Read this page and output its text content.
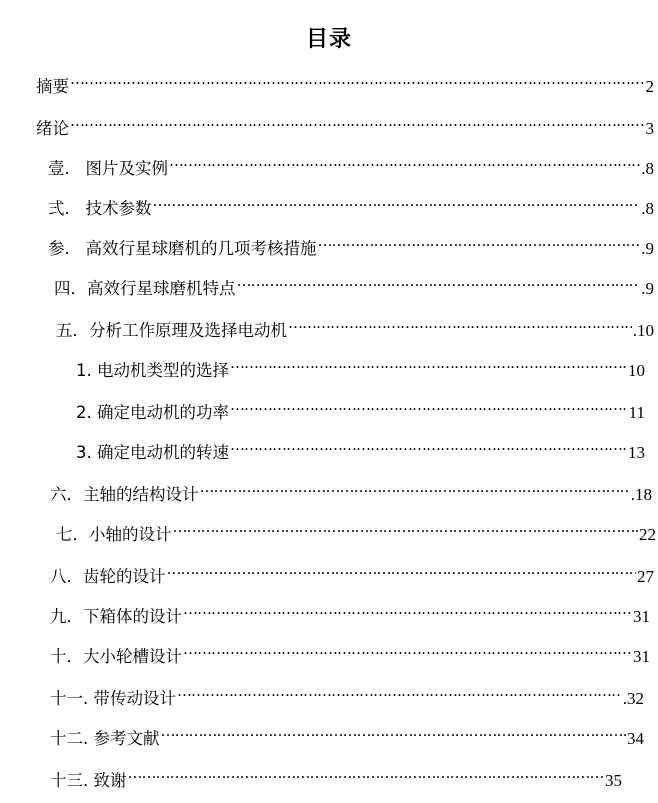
目录
摘要 …………………………………………………………………………………………………………………………………………………………………………………………………………	2
绪论 …………………………………………………………………………………………………………………………………………………………………………………………………………	3
壹.   图片及实例 …………………………………………………………………………………………………………………………………………………………………………………………………………	.8
弍.   技术参数 …………………………………………………………………………………………………………………………………………………………………………………………………………	.8
参.   高效行星球磨机的几项考核措施 …………………………………………………………………………………………………………………………………………………………………………………………………………	.9
四．高效行星球磨机特点 …………………………………………………………………………………………………………………………………………………………………………………………………………	.9
五．分析工作原理及选择电动机 …………………………………………………………………………………………………………………………………………………………………………………………………………	.10
1. 电动机类型的选择 …………………………………………………………………………………………………………………………………………………………………………………………………………	10
2. 确定电动机的功率 …………………………………………………………………………………………………………………………………………………………………………………………………………	11
3. 确定电动机的转速 …………………………………………………………………………………………………………………………………………………………………………………………………………	13
六．主轴的结构设计 …………………………………………………………………………………………………………………………………………………………………………………………………………	.18
七．小轴的设计 …………………………………………………………………………………………………………………………………………………………………………………………………………	22
八．齿轮的设计 …………………………………………………………………………………………………………………………………………………………………………………………………………	27
九．下箱体的设计 …………………………………………………………………………………………………………………………………………………………………………………………………………	31
十．大小轮槽设计 …………………………………………………………………………………………………………………………………………………………………………………………………………	31
十一. 带传动设计 …………………………………………………………………………………………………………………………………………………………………………………………………………	.32
十二. 参考文献 …………………………………………………………………………………………………………………………………………………………………………………………………………	34
十三. 致谢 …………………………………………………………………………………………………………………………………………………………………………………………………………	35
